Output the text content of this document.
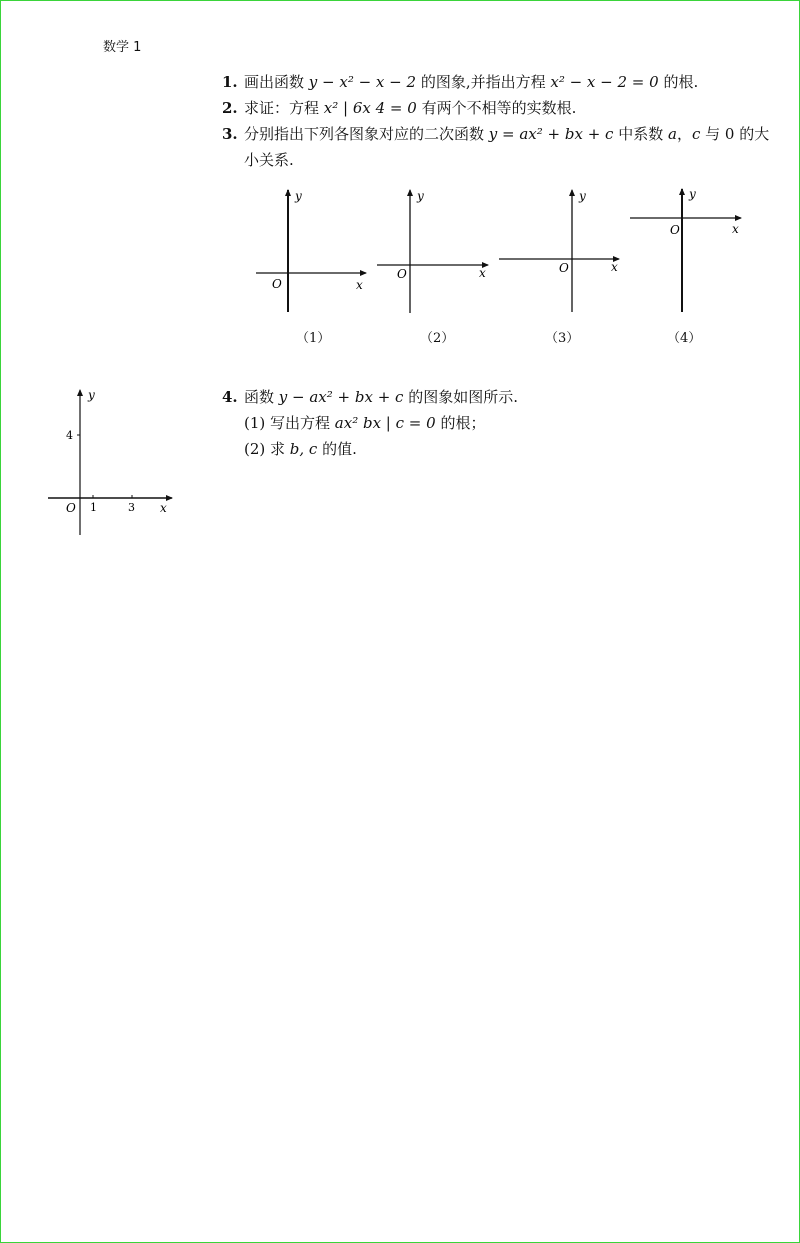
数学 1
1. 画出函数 y − x² − x − 2 的图象,并指出方程 x² − x − 2 = 0 的根.
2. 求证：方程 x² | 6x 4 = 0 有两个不相等的实数根.
3. 分别指出下列各图象对应的二次函数 y = ax² + bx + c 中系数 a，c 与 0 的大
小关系.
y
O	x
y
O	x
y
O	x
y
O	x
（1）	（2）	（3）	（4）
y
4
O 1	3 x
4. 函数 y − ax² + bx + c 的图象如图所示.
(1) 写出方程 ax² bx | c = 0 的根；
(2) 求 b, c 的值.
